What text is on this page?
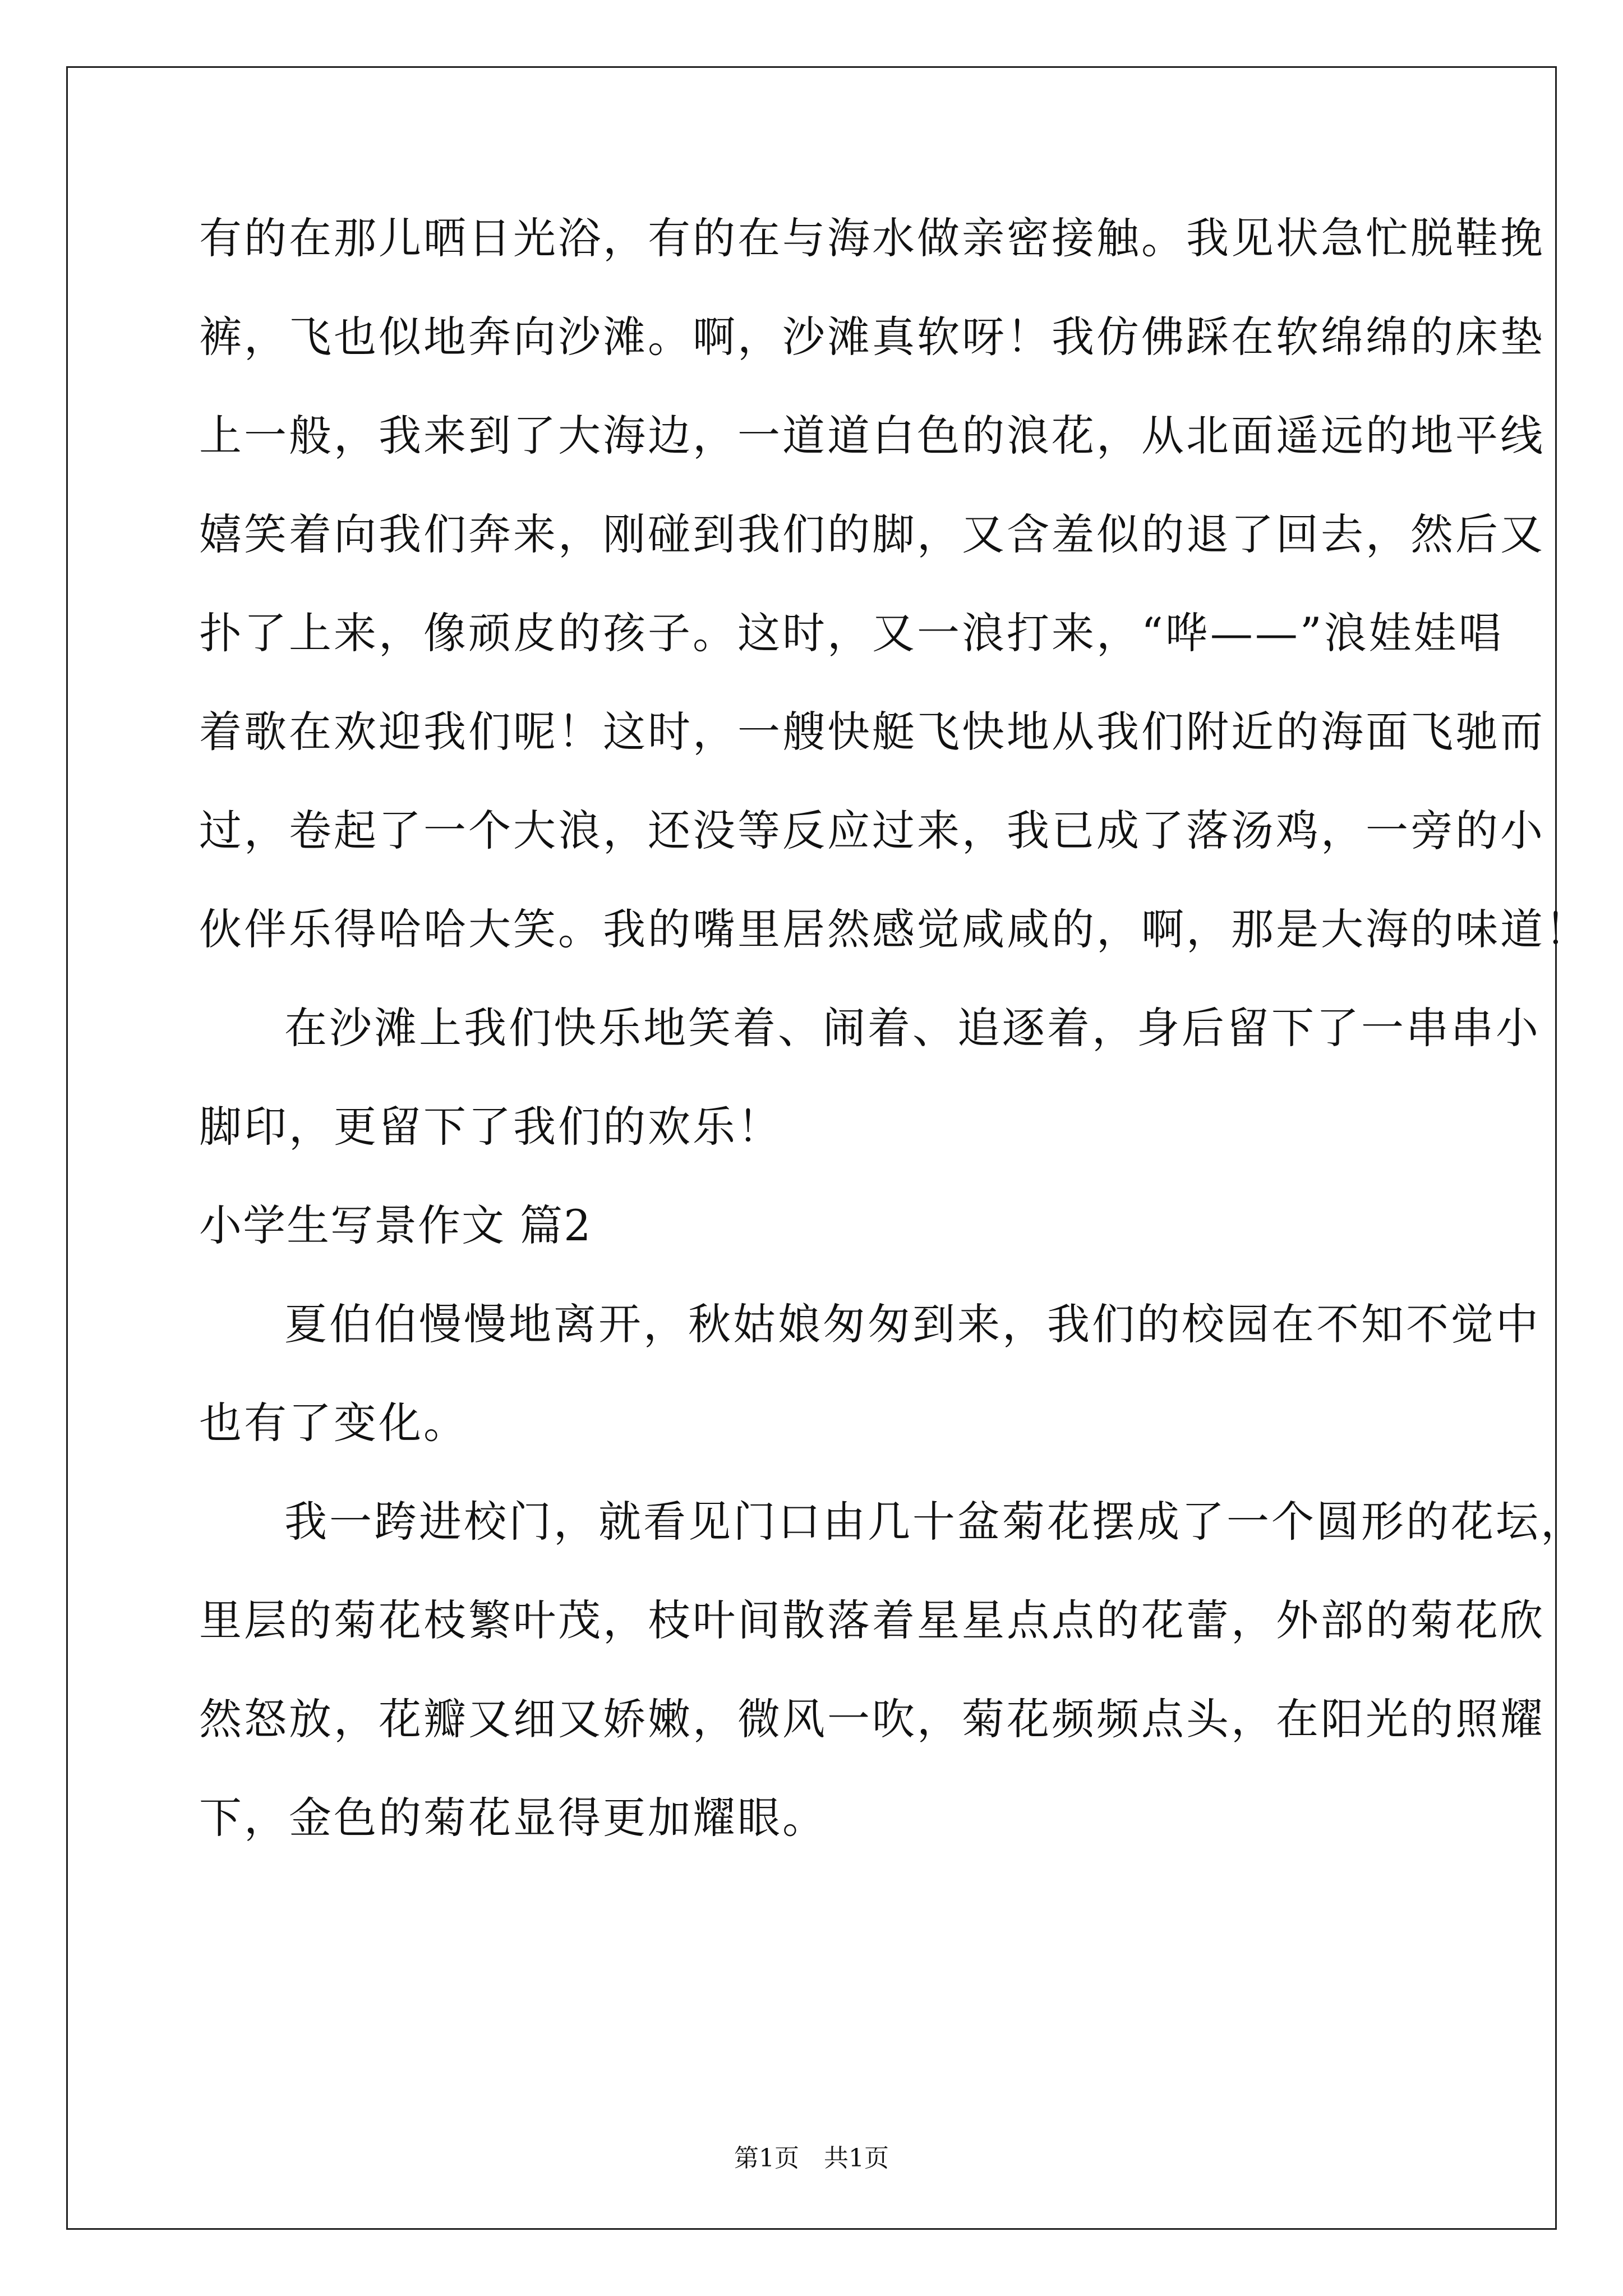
有的在那儿晒日光浴，有的在与海水做亲密接触。我见状急忙脱鞋挽
裤，飞也似地奔向沙滩。啊，沙滩真软呀！我仿佛踩在软绵绵的床垫
上一般，我来到了大海边，一道道白色的浪花，从北面遥远的地平线
嬉笑着向我们奔来，刚碰到我们的脚，又含羞似的退了回去，然后又
扑了上来，像顽皮的孩子。这时，又一浪打来，“哗——”浪娃娃唱
着歌在欢迎我们呢！这时，一艘快艇飞快地从我们附近的海面飞驰而
过，卷起了一个大浪，还没等反应过来，我已成了落汤鸡，一旁的小
伙伴乐得哈哈大笑。我的嘴里居然感觉咸咸的，啊，那是大海的味道！
在沙滩上我们快乐地笑着、闹着、追逐着，身后留下了一串串小
脚印，更留下了我们的欢乐！
小学生写景作文 篇2
夏伯伯慢慢地离开，秋姑娘匆匆到来，我们的校园在不知不觉中
也有了变化。
我一跨进校门，就看见门口由几十盆菊花摆成了一个圆形的花坛，
里层的菊花枝繁叶茂，枝叶间散落着星星点点的花蕾，外部的菊花欣
然怒放，花瓣又细又娇嫩，微风一吹，菊花频频点头，在阳光的照耀
下，金色的菊花显得更加耀眼。
第1页　共1页
